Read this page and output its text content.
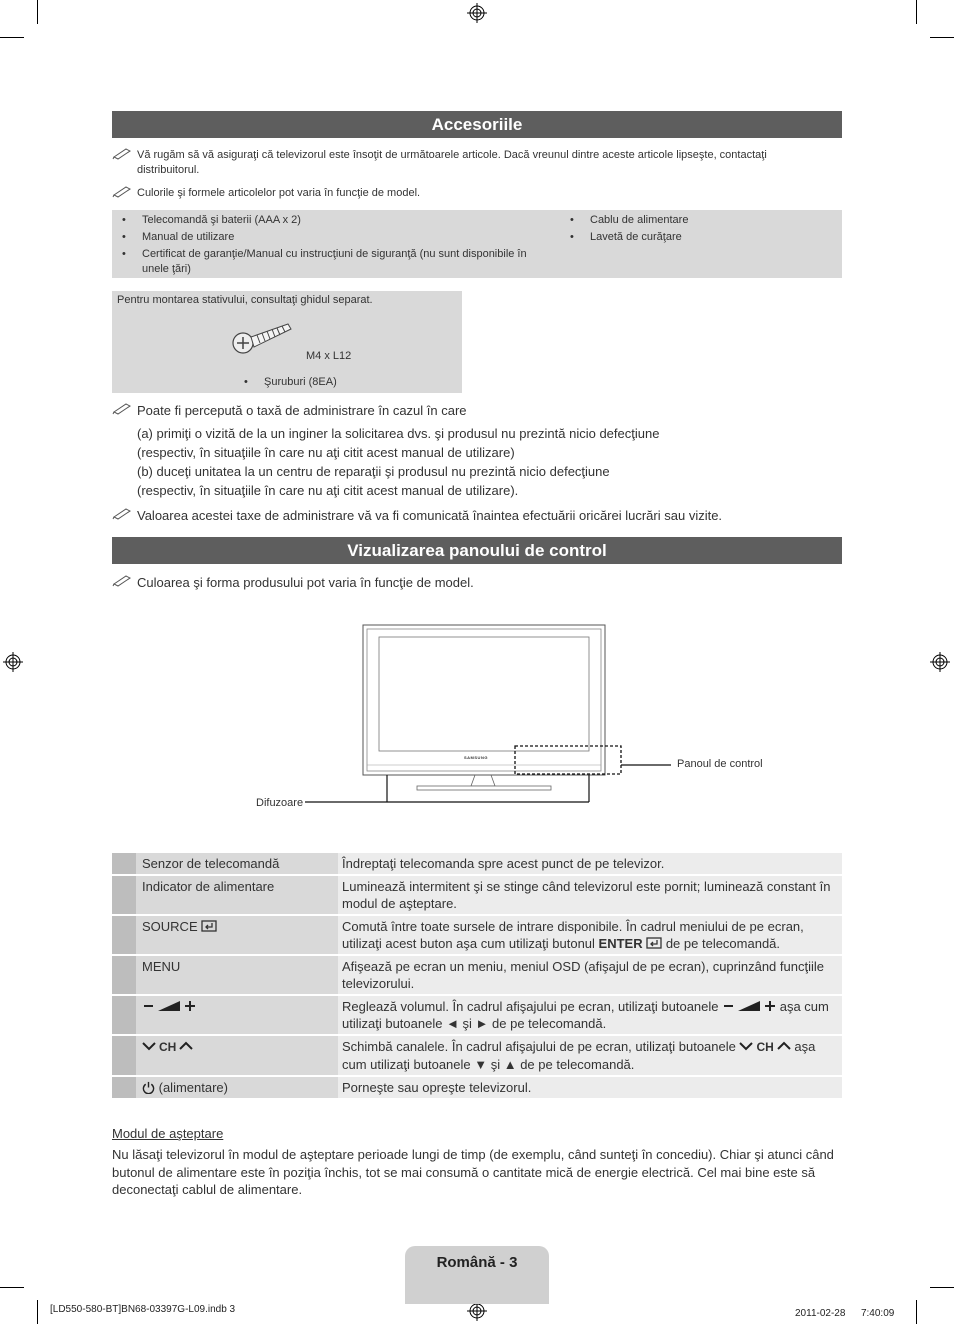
Accesoriile
Vă rugăm să vă asiguraţi că televizorul este însoţit de următoarele articole. Dacă vreunul dintre aceste articole lipseşte, contactaţi distribuitorul.
Culorile şi formele articolelor pot varia în funcţie de model.
• Telecomandă şi baterii (AAA x 2)
• Manual de utilizare
• Certificat de garanţie/Manual cu instrucţiuni de siguranţă (nu sunt disponibile în unele ţări)
• Cablu de alimentare
• Lavetă de curăţare
Pentru montarea stativului, consultaţi ghidul separat.
M4 x L12
• Şuruburi (8EA)
Poate fi percepută o taxă de administrare în cazul în care
(a) primiţi o vizită de la un inginer la solicitarea dvs. şi produsul nu prezintă nicio defecţiune
(respectiv, în situaţiile în care nu aţi citit acest manual de utilizare)
(b) duceţi unitatea la un centru de reparaţii şi produsul nu prezintă nicio defecţiune
(respectiv, în situaţiile în care nu aţi citit acest manual de utilizare).
Valoarea acestei taxe de administrare vă va fi comunicată înaintea efectuării oricărei lucrări sau vizite.
Vizualizarea panoului de control
Culoarea şi forma produsului pot varia în funcţie de model.
SAMSUNG
Panoul de control
Difuzoare
	Senzor de telecomandă	Îndreptaţi telecomanda spre acest punct de pe televizor.
	Indicator de alimentare	Luminează intermitent şi se stinge când televizorul este pornit; luminează constant în modul de aşteptare.
	SOURCE	Comută între toate sursele de intrare disponibile. În cadrul meniului de pe ecran, utilizaţi acest buton aşa cum utilizaţi butonul ENTER  de pe telecomandă.
	MENU	Afişează pe ecran un meniu, meniul OSD (afişajul de pe ecran), cuprinzând funcţiile televizorului.
		Reglează volumul. În cadrul afişajului pe ecran, utilizaţi butoanele aşa cum utilizaţi butoanele ◄ şi ► de pe telecomandă.
	CH	Schimbă canalele. În cadrul afişajului de pe ecran, utilizaţi butoanele CH aşa cum utilizaţi butoanele ▼ şi ▲ de pe telecomandă.
	(alimentare)	Porneşte sau opreşte televizorul.
Modul de aşteptare
Nu lăsaţi televizorul în modul de aşteptare perioade lungi de timp (de exemplu, când sunteţi în concediu). Chiar şi atunci când butonul de alimentare este în poziţia închis, tot se mai consumă o cantitate mică de energie electrică. Cel mai bine este să deconectaţi cablul de alimentare.
Română - 3
[LD550-580-BT]BN68-03397G-L09.indb 3	2011-02-28 　 7:40:09
